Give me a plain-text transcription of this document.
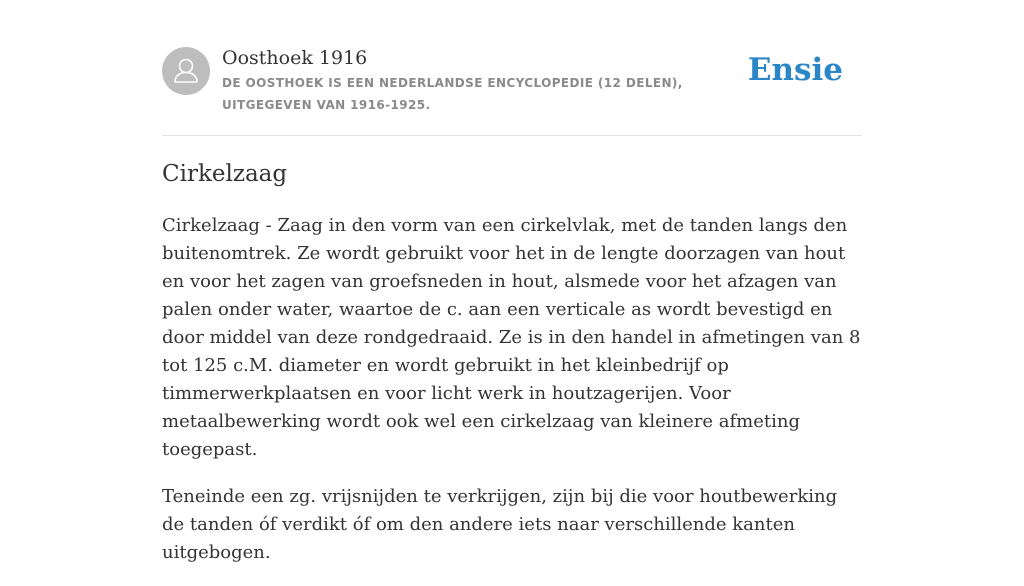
Oosthoek 1916
DE OOSTHOEK IS EEN NEDERLANDSE ENCYCLOPEDIE (12 DELEN), UITGEGEVEN VAN 1916-1925.
Ensie
Cirkelzaag

Cirkelzaag - Zaag in den vorm van een cirkelvlak, met de tanden langs den buitenomtrek. Ze wordt gebruikt voor het in de lengte doorzagen van hout en voor het zagen van groefsneden in hout, alsmede voor het afzagen van palen onder water, waartoe de c. aan een verticale as wordt bevestigd en door middel van deze rondgedraaid. Ze is in den handel in afmetingen van 8 tot 125 c.M. diameter en wordt gebruikt in het kleinbedrijf op timmerwerkplaatsen en voor licht werk in houtzagerijen. Voor metaalbewerking wordt ook wel een cirkelzaag van kleinere afmeting toegepast.

Teneinde een zg. vrijsnijden te verkrijgen, zijn bij die voor houtbewerking de tanden óf verdikt óf om den andere iets naar verschillende kanten uitgebogen.
